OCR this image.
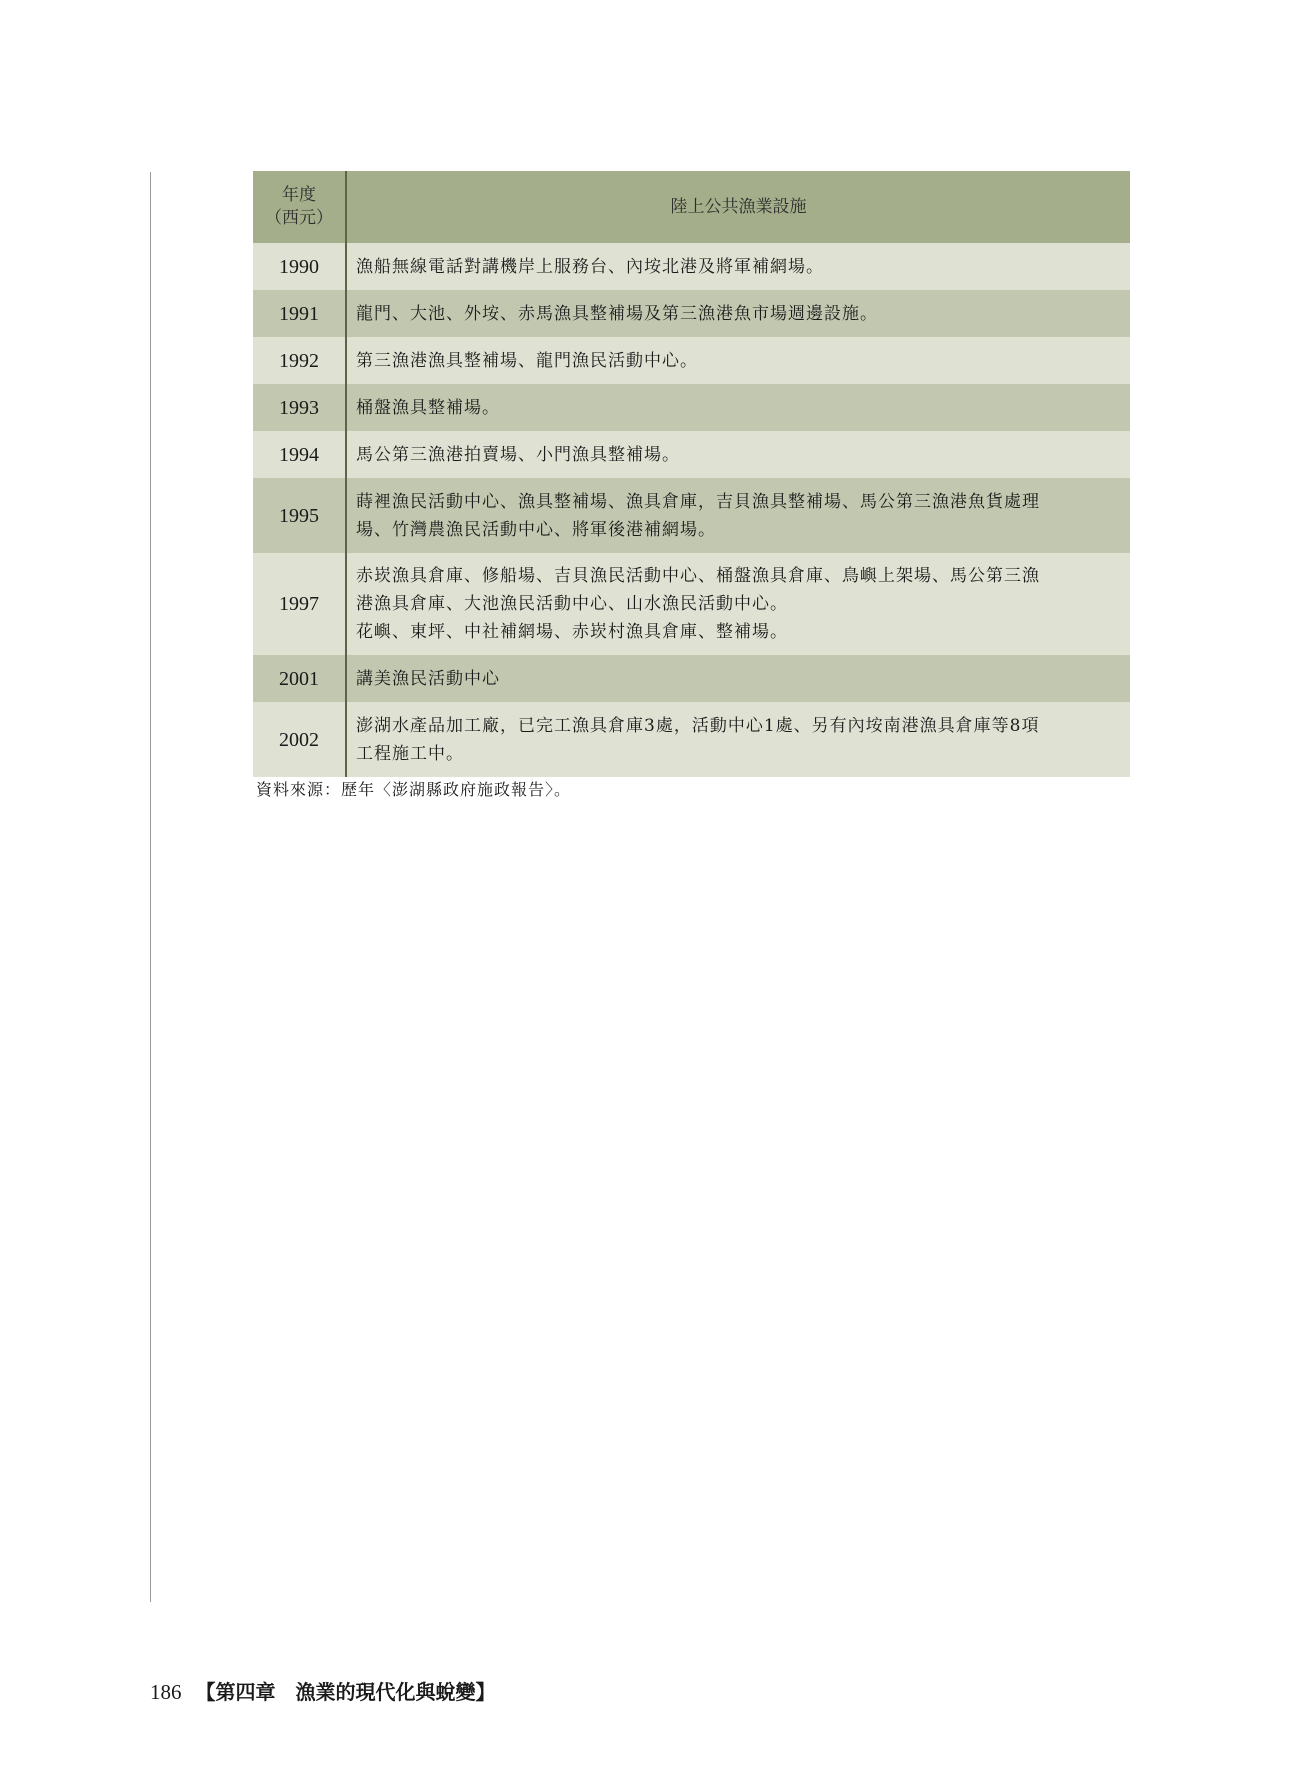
年度
（西元）	陸上公共漁業設施
1990	漁船無線電話對講機岸上服務台、內垵北港及將軍補網場。

1991	龍門、大池、外垵、赤馬漁具整補場及第三漁港魚市場週邊設施。

1992	第三漁港漁具整補場、龍門漁民活動中心。

1993	桶盤漁具整補場。

1994	馬公第三漁港拍賣場、小門漁具整補場。

1995	蒔裡漁民活動中心、漁具整補場、漁具倉庫，吉貝漁具整補場、馬公第三漁港魚貨處理
場、竹灣農漁民活動中心、將軍後港補網場。

1997	赤崁漁具倉庫、修船場、吉貝漁民活動中心、桶盤漁具倉庫、鳥嶼上架場、馬公第三漁
港漁具倉庫、大池漁民活動中心、山水漁民活動中心。
花嶼、東坪、中社補網場、赤崁村漁具倉庫、整補場。

2001	講美漁民活動中心

2002	澎湖水產品加工廠，已完工漁具倉庫3處，活動中心1處、另有內垵南港漁具倉庫等8項
工程施工中。
資料來源：歷年〈澎湖縣政府施政報告〉。
186 【第四章　漁業的現代化與蛻變】
